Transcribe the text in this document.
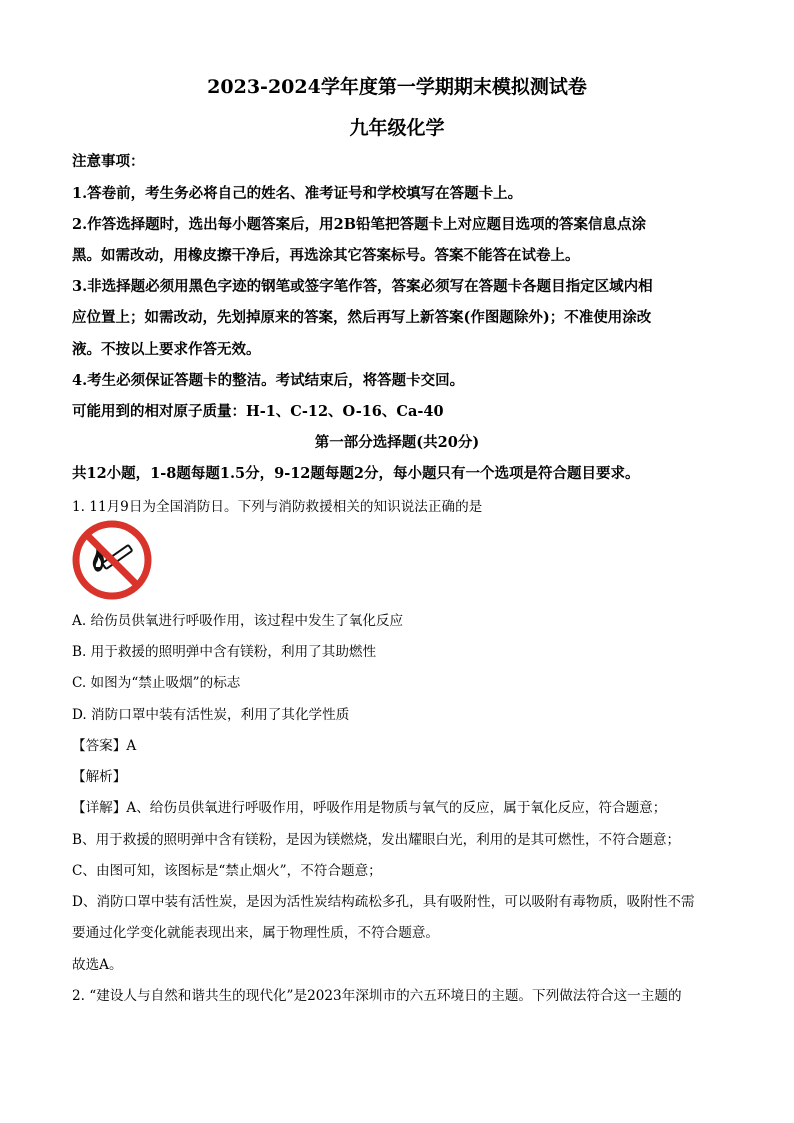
2023-2024学年度第一学期期末模拟测试卷
九年级化学
注意事项：
1.答卷前，考生务必将自己的姓名、准考证号和学校填写在答题卡上。
2.作答选择题时，选出每小题答案后，用2B铅笔把答题卡上对应题目选项的答案信息点涂
黑。如需改动，用橡皮擦干净后，再选涂其它答案标号。答案不能答在试卷上。
3.非选择题必须用黑色字迹的钢笔或签字笔作答，答案必须写在答题卡各题目指定区域内相
应位置上；如需改动，先划掉原来的答案，然后再写上新答案(作图题除外)；不准使用涂改
液。不按以上要求作答无效。
4.考生必须保证答题卡的整洁。考试结束后，将答题卡交回。
可能用到的相对原子质量：H-1、C-12、O-16、Ca-40
第一部分选择题(共20分)
共12小题，1-8题每题1.5分，9-12题每题2分，每小题只有一个选项是符合题目要求。
1. 11月9日为全国消防日。下列与消防救援相关的知识说法正确的是
A. 给伤员供氧进行呼吸作用，该过程中发生了氧化反应
B. 用于救援的照明弹中含有镁粉，利用了其助燃性
C. 如图为“禁止吸烟”的标志
D. 消防口罩中装有活性炭，利用了其化学性质
【答案】A
【解析】
【详解】A、给伤员供氧进行呼吸作用，呼吸作用是物质与氧气的反应，属于氧化反应，符合题意；
B、用于救援的照明弹中含有镁粉，是因为镁燃烧，发出耀眼白光，利用的是其可燃性，不符合题意；
C、由图可知，该图标是“禁止烟火”，不符合题意；
D、消防口罩中装有活性炭，是因为活性炭结构疏松多孔，具有吸附性，可以吸附有毒物质，吸附性不需
要通过化学变化就能表现出来，属于物理性质，不符合题意。
故选A。
2. “建设人与自然和谐共生的现代化”是2023年深圳市的六五环境日的主题。下列做法符合这一主题的
